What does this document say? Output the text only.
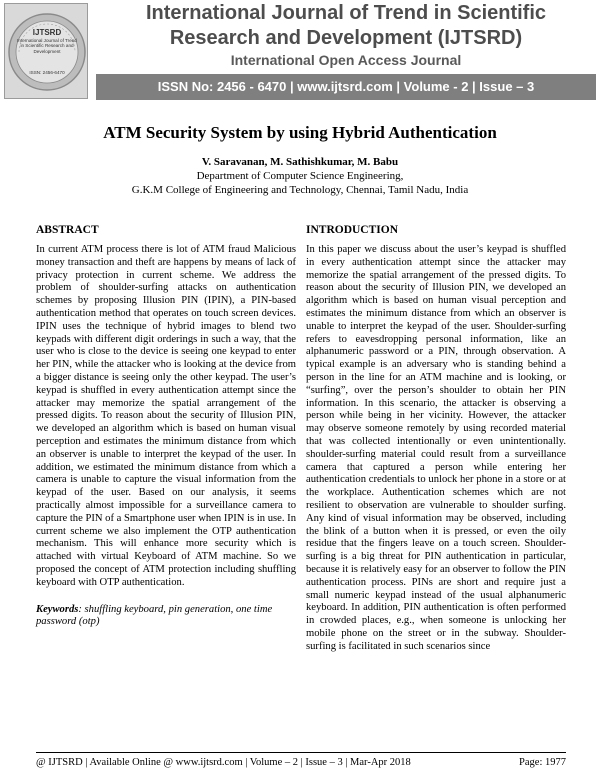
IJTSRD
International Journal of Trend in Scientific Research and Development
ISSN: 2456-6470
International Journal of Trend in Scientific
Research and Development (IJTSRD)
International Open Access Journal
ISSN No: 2456 - 6470 | www.ijtsrd.com | Volume - 2 | Issue – 3
ATM Security System by using Hybrid Authentication
V. Saravanan, M. Sathishkumar, M. Babu
Department of Computer Science Engineering,
G.K.M College of Engineering and Technology, Chennai, Tamil Nadu, India
ABSTRACT

In current ATM process there is lot of ATM fraud Malicious money transaction and theft are happens by means of lack of privacy protection in current scheme. We address the problem of shoulder-surfing attacks on authentication schemes by proposing Illusion PIN (IPIN), a PIN-based authentication method that operates on touch screen devices. IPIN uses the technique of hybrid images to blend two keypads with different digit orderings in such a way, that the user who is close to the device is seeing one keypad to enter her PIN, while the attacker who is looking at the device from a bigger distance is seeing only the other keypad. The user’s keypad is shuffled in every authentication attempt since the attacker may memorize the spatial arrangement of the pressed digits. To reason about the security of Illusion PIN, we developed an algorithm which is based on human visual perception and estimates the minimum distance from which an observer is unable to interpret the keypad of the user. In addition, we estimated the minimum distance from which a camera is unable to capture the visual information from the keypad of the user. Based on our analysis, it seems practically almost impossible for a surveillance camera to capture the PIN of a Smartphone user when IPIN is in use. In current scheme we also implement the OTP authentication mechanism. This will enhance more security which is attached with virtual Keyboard of ATM machine. So we proposed the concept of ATM protection including shuffling keyboard with OTP authentication.

Keywords: shuffling keyboard, pin generation, one time password (otp)
INTRODUCTION

In this paper we discuss about the user’s keypad is shuffled in every authentication attempt since the attacker may memorize the spatial arrangement of the pressed digits. To reason about the security of Illusion PIN, we developed an algorithm which is based on human visual perception and estimates the minimum distance from which an observer is unable to interpret the keypad of the user. Shoulder-surfing refers to eavesdropping personal information, like an alphanumeric password or a PIN, through observation. A typical example is an adversary who is standing behind a person in the line for an ATM machine and is looking, or “surfing”, over the person’s shoulder to obtain her PIN information. In this scenario, the attacker is observing a person while being in her vicinity. However, the attacker may observe someone remotely by using recorded material that was collected intentionally or even unintentionally. shoulder-surfing material could result from a surveillance camera that captured a person while entering her authentication credentials to unlock her phone in a store or at the workplace. Authentication schemes which are not resilient to observation are vulnerable to shoulder surfing. Any kind of visual information may be observed, including the blink of a button when it is pressed, or even the oily residue that the fingers leave on a touch screen. Shoulder-surfing is a big threat for PIN authentication in particular, because it is relatively easy for an observer to follow the PIN authentication process. PINs are short and require just a small numeric keypad instead of the usual alphanumeric keyboard. In addition, PIN authentication is often performed in crowded places, e.g., when someone is unlocking her mobile phone on the street or in the subway. Shoulder-surfing is facilitated in such scenarios since

@ IJTSRD | Available Online @ www.ijtsrd.com | Volume – 2 | Issue – 3 | Mar-Apr 2018	Page: 1977
